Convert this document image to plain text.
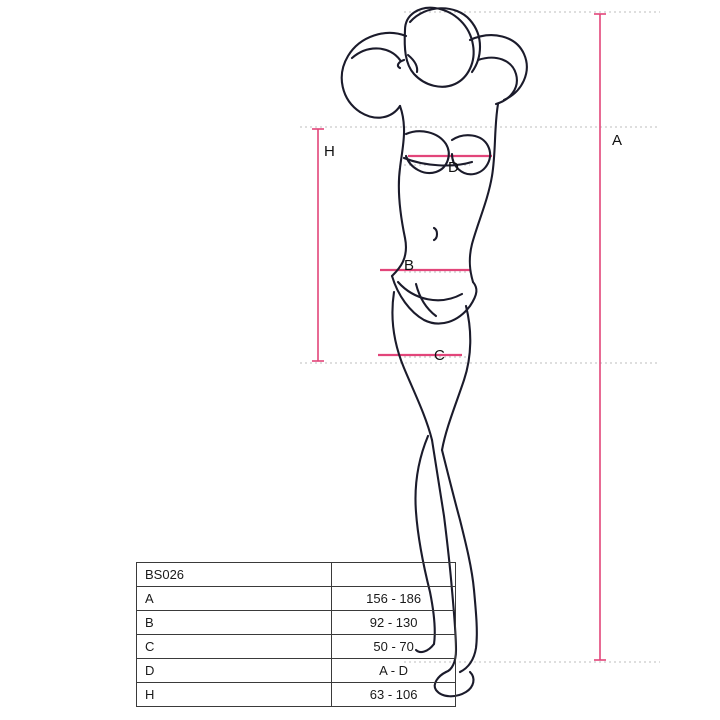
A
H
D
B
C
BS026	
A	156 - 186
B	92 - 130
C	50 - 70
D	A - D
H	63 - 106
